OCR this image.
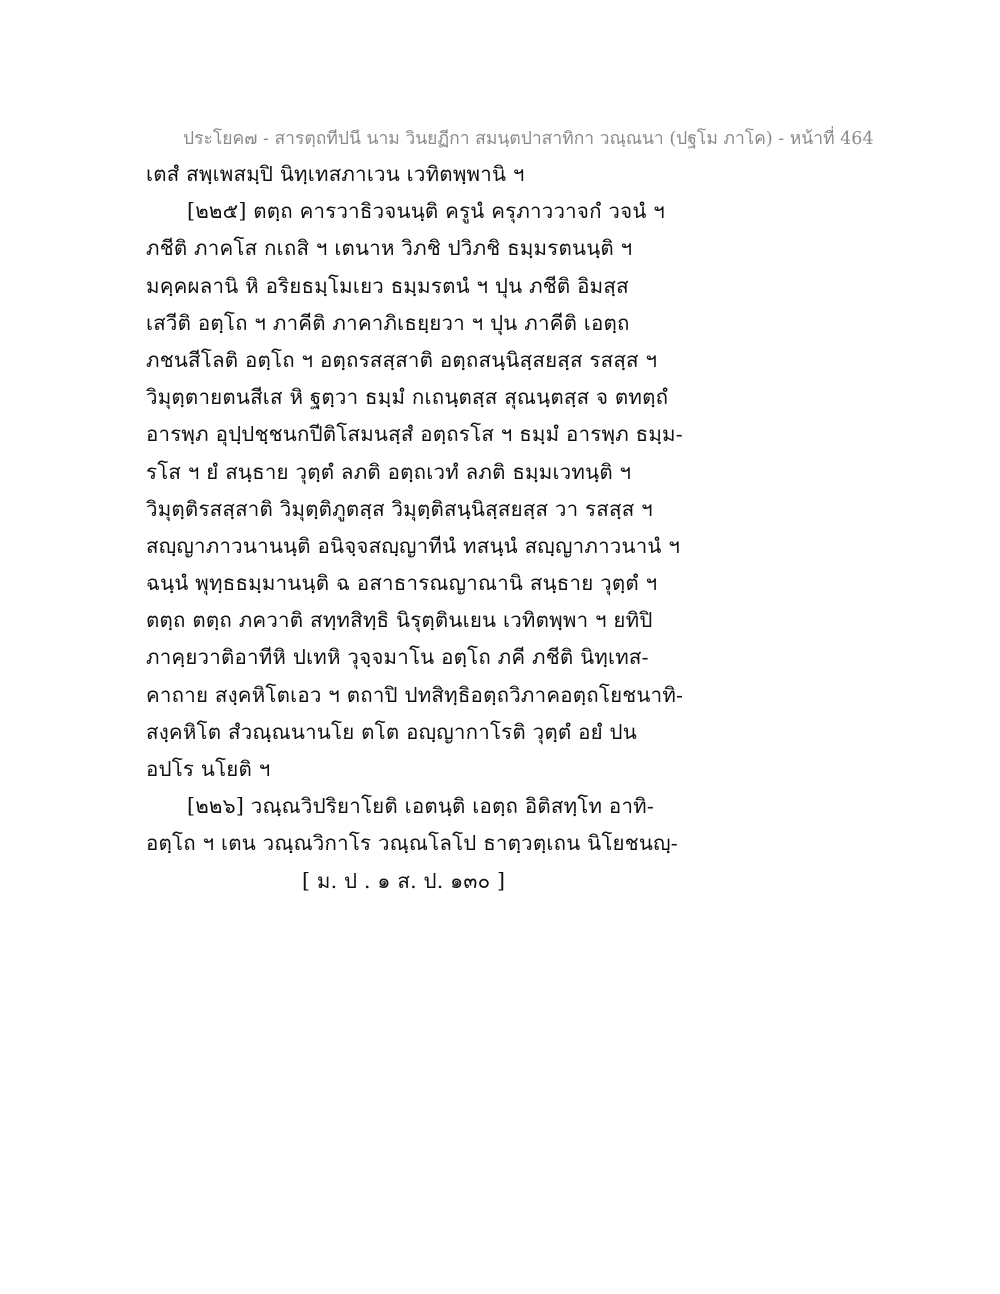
ประโยค๗ - สารตฺถทีปนี นาม วินยฏีกา สมนฺตปาสาทิกา วณฺณนา (ปฐโม ภาโค) - หน้าที่ 464
เตสํ สพฺเพสมฺปิ นิทฺเทสภาเวน เวทิตพฺพานิ ฯ
[๒๒๕] ตตฺถ คารวาธิวจนนฺติ ครูนํ ครุภาววาจกํ วจนํ ฯ
ภชีติ ภาคโส กเถสิ ฯ เตนาห วิภชิ ปวิภชิ ธมฺมรตนนฺติ ฯ
มคฺคผลานิ หิ อริยธมฺโมเยว ธมฺมรตนํ ฯ ปุน ภชีติ อิมสฺส
เสวีติ อตฺโถ ฯ ภาคีติ ภาคาภิเธยฺยวา ฯ ปุน ภาคีติ เอตฺถ
ภชนสีโลติ อตฺโถ ฯ อตฺถรสสฺสาติ อตฺถสนฺนิสฺสยสฺส รสสฺส ฯ
วิมุตฺตายตนสีเส หิ ฐตฺวา ธมฺมํ กเถนฺตสฺส สุณนฺตสฺส จ ตทตฺถํ
อารพฺภ อุปฺปชฺชนกปีติโสมนสฺสํ อตฺถรโส ฯ ธมฺมํ อารพฺภ ธมฺม-
รโส ฯ ยํ สนฺธาย วุตฺตํ ลภติ อตฺถเวทํ ลภติ ธมฺมเวทนฺติ ฯ
วิมุตฺติรสสฺสาติ วิมุตฺติภูตสฺส วิมุตฺติสนฺนิสฺสยสฺส วา รสสฺส ฯ
สญฺญาภาวนานนฺติ อนิจฺจสญฺญาทีนํ ทสนฺนํ สญฺญาภาวนานํ ฯ
ฉนฺนํ พุทฺธธมฺมานนฺติ ฉ อสาธารณญาณานิ สนฺธาย วุตฺตํ ฯ
ตตฺถ ตตฺถ ภควาติ สทฺทสิทฺธิ นิรุตฺตินเยน เวทิตพฺพา ฯ ยทิปิ
ภาคฺยวาติอาทีหิ ปเทหิ วุจฺจมาโน อตฺโถ ภคี ภชีติ นิทฺเทส-
คาถาย สงฺคหิโตเอว ฯ ตถาปิ ปทสิทฺธิอตฺถวิภาคอตฺถโยชนาทิ-
สงฺคหิโต สํวณฺณนานโย ตโต อญฺญากาโรติ วุตฺตํ อยํ ปน
อปโร นโยติ ฯ
[๒๒๖] วณฺณวิปริยาโยติ เอตนฺติ เอตฺถ อิติสทฺโท อาทิ-
อตฺโถ ฯ เตน วณฺณวิกาโร วณฺณโลโป ธาตฺวตฺเถน นิโยชนญฺ-
[ ม. ป . ๑ ส. ป. ๑๓๐ ]
